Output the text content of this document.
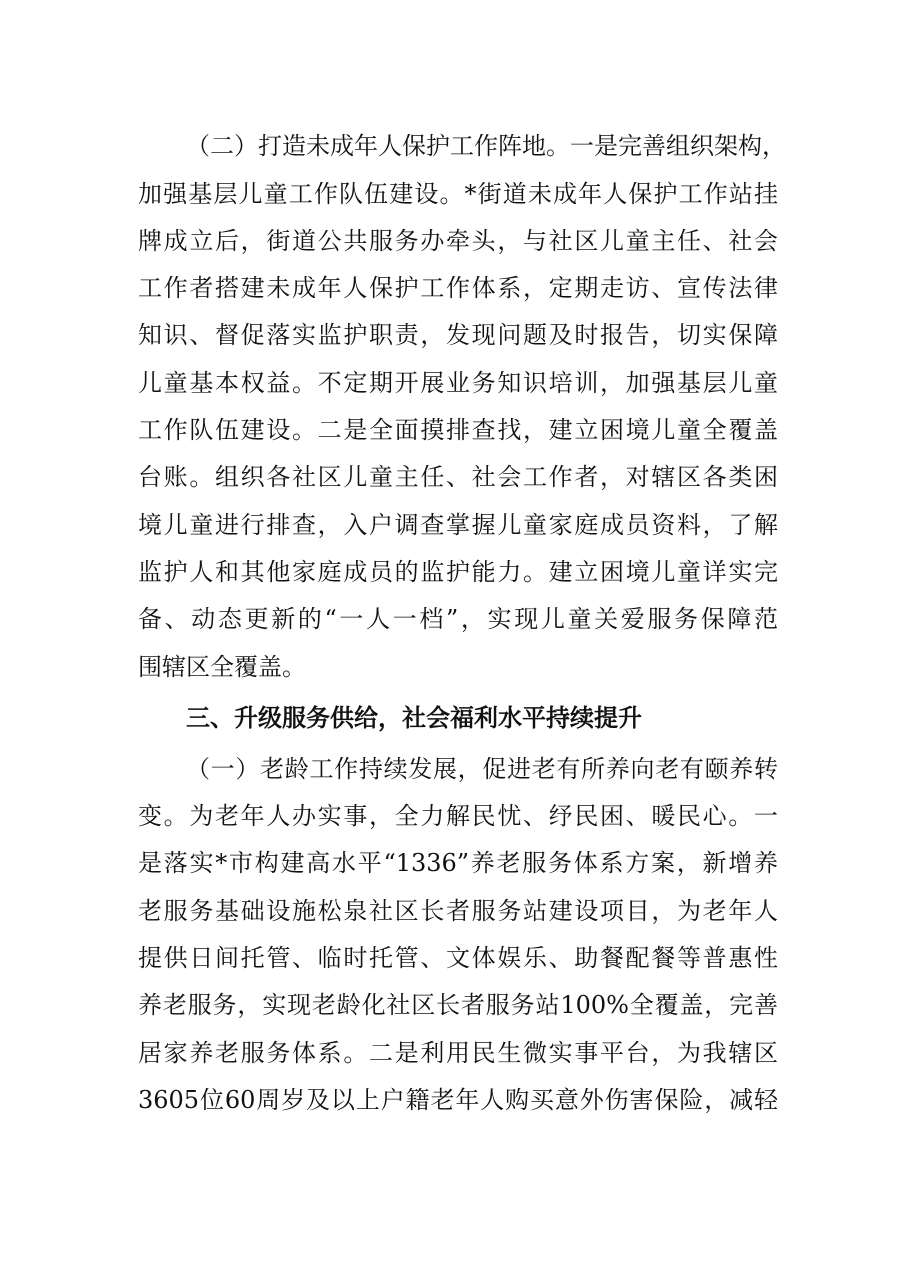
（二）打造未成年人保护工作阵地。一是完善组织架构，
加强基层儿童工作队伍建设。*街道未成年人保护工作站挂
牌成立后，街道公共服务办牵头，与社区儿童主任、社会
工作者搭建未成年人保护工作体系，定期走访、宣传法律
知识、督促落实监护职责，发现问题及时报告，切实保障
儿童基本权益。不定期开展业务知识培训，加强基层儿童
工作队伍建设。二是全面摸排查找，建立困境儿童全覆盖
台账。组织各社区儿童主任、社会工作者，对辖区各类困
境儿童进行排查，入户调查掌握儿童家庭成员资料，了解
监护人和其他家庭成员的监护能力。建立困境儿童详实完
备、动态更新的“一人一档”，实现儿童关爱服务保障范
围辖区全覆盖。
三、升级服务供给，社会福利水平持续提升
（一）老龄工作持续发展，促进老有所养向老有颐养转
变。为老年人办实事，全力解民忧、纾民困、暖民心。一
是落实*市构建高水平“1336”养老服务体系方案，新增养
老服务基础设施松泉社区长者服务站建设项目，为老年人
提供日间托管、临时托管、文体娱乐、助餐配餐等普惠性
养老服务，实现老龄化社区长者服务站100%全覆盖，完善
居家养老服务体系。二是利用民生微实事平台，为我辖区
3605位60周岁及以上户籍老年人购买意外伤害保险，减轻
